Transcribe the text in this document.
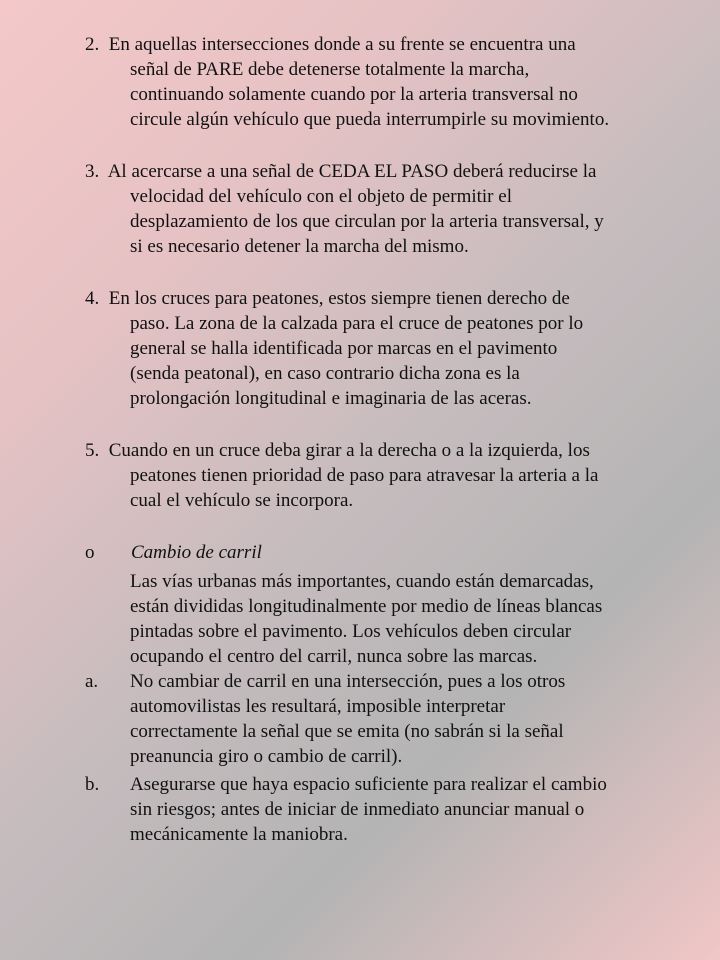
2. En aquellas intersecciones donde a su frente se encuentra una
señal de PARE debe detenerse totalmente la marcha,
continuando solamente cuando por la arteria transversal no
circule algún vehículo que pueda interrumpirle su movimiento.
3. Al acercarse a una señal de CEDA EL PASO deberá reducirse la
velocidad del vehículo con el objeto de permitir el
desplazamiento de los que circulan por la arteria transversal, y
si es necesario detener la marcha del mismo.
4. En los cruces para peatones, estos siempre tienen derecho de
paso. La zona de la calzada para el cruce de peatones por lo
general se halla identificada por marcas en el pavimento
(senda peatonal), en caso contrario dicha zona es la
prolongación longitudinal e imaginaria de las aceras.
5. Cuando en un cruce deba girar a la derecha o a la izquierda, los
peatones tienen prioridad de paso para atravesar la arteria a la
cual el vehículo se incorpora.
o Cambio de carril
Las vías urbanas más importantes, cuando están demarcadas,
están divididas longitudinalmente por medio de líneas blancas
pintadas sobre el pavimento. Los vehículos deben circular
ocupando el centro del carril, nunca sobre las marcas.
a. No cambiar de carril en una intersección, pues a los otros
automovilistas les resultará, imposible interpretar
correctamente la señal que se emita (no sabrán si la señal
preanuncia giro o cambio de carril).
b. Asegurarse que haya espacio suficiente para realizar el cambio
sin riesgos; antes de iniciar de inmediato anunciar manual o
mecánicamente la maniobra.
